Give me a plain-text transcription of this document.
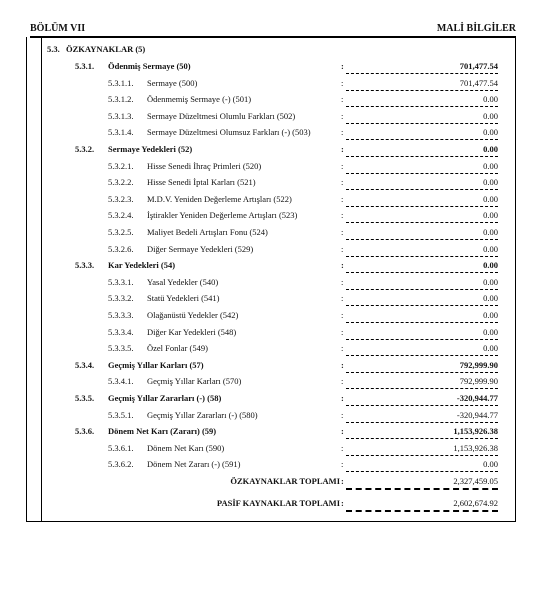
BÖLÜM VII	MALİ BİLGİLER
5.3. ÖZKAYNAKLAR (5)
5.3.1. Ödenmiş Sermaye (50)	:	701,477.54
5.3.1.1. Sermaye (500)	:	701,477.54
5.3.1.2. Ödenmemiş Sermaye (-) (501)	:	0.00
5.3.1.3. Sermaye Düzeltmesi Olumlu Farkları (502)	:	0.00
5.3.1.4. Sermaye Düzeltmesi Olumsuz Farkları (-) (503)	:	0.00
5.3.2. Sermaye Yedekleri (52)	:	0.00
5.3.2.1. Hisse Senedi İhraç Primleri (520)	:	0.00
5.3.2.2. Hisse Senedi İptal Karları (521)	:	0.00
5.3.2.3. M.D.V. Yeniden Değerleme Artışları (522)	:	0.00
5.3.2.4. İştirakler Yeniden Değerleme Artışları (523)	:	0.00
5.3.2.5. Maliyet Bedeli Artışları Fonu (524)	:	0.00
5.3.2.6. Diğer Sermaye Yedekleri (529)	:	0.00
5.3.3. Kar Yedekleri (54)	:	0.00
5.3.3.1. Yasal Yedekler (540)	:	0.00
5.3.3.2. Statü Yedekleri (541)	:	0.00
5.3.3.3. Olağanüstü Yedekler (542)	:	0.00
5.3.3.4. Diğer Kar Yedekleri (548)	:	0.00
5.3.3.5. Özel Fonlar (549)	:	0.00
5.3.4. Geçmiş Yıllar Karları (57)	:	792,999.90
5.3.4.1. Geçmiş Yıllar Karları (570)	:	792,999.90
5.3.5. Geçmiş Yıllar Zararları (-) (58)	:	-320,944.77
5.3.5.1. Geçmiş Yıllar Zararları (-) (580)	:	-320,944.77
5.3.6. Dönem Net Karı (Zararı) (59)	:	1,153,926.38
5.3.6.1. Dönem Net Karı (590)	:	1,153,926.38
5.3.6.2. Dönem Net Zararı (-) (591)	:	0.00
ÖZKAYNAKLAR TOPLAMI :	2,327,459.05
PASİF KAYNAKLAR TOPLAMI :	2,602,674.92
